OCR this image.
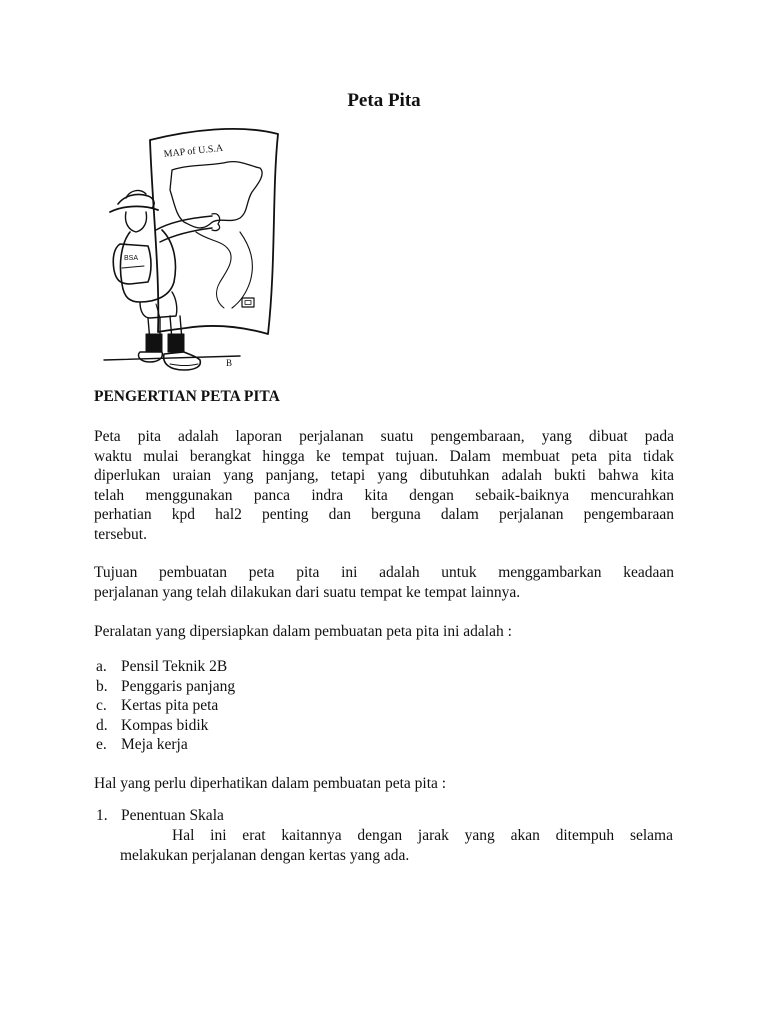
Peta Pita
MAP of U.S.A
BSA
B
PENGERTIAN PETA PITA
Peta pita adalah laporan perjalanan suatu pengembaraan, yang dibuat pada
waktu mulai berangkat hingga ke tempat tujuan. Dalam membuat peta pita tidak
diperlukan uraian yang panjang, tetapi yang dibutuhkan adalah bukti bahwa kita
telah menggunakan panca indra kita dengan sebaik-baiknya mencurahkan
perhatian kpd hal2 penting dan berguna dalam perjalanan pengembaraan
tersebut.
Tujuan pembuatan peta pita ini adalah untuk menggambarkan keadaan
perjalanan yang telah dilakukan dari suatu tempat ke tempat lainnya.

Peralatan yang dipersiapkan dalam pembuatan peta pita ini adalah :

a. Pensil Teknik 2B
b. Penggaris panjang
c. Kertas pita peta
d. Kompas bidik
e. Meja kerja

Hal yang perlu diperhatikan dalam pembuatan peta pita :

1. Penentuan Skala
Hal ini erat kaitannya dengan jarak yang akan ditempuh selama
melakukan perjalanan dengan kertas yang ada.
